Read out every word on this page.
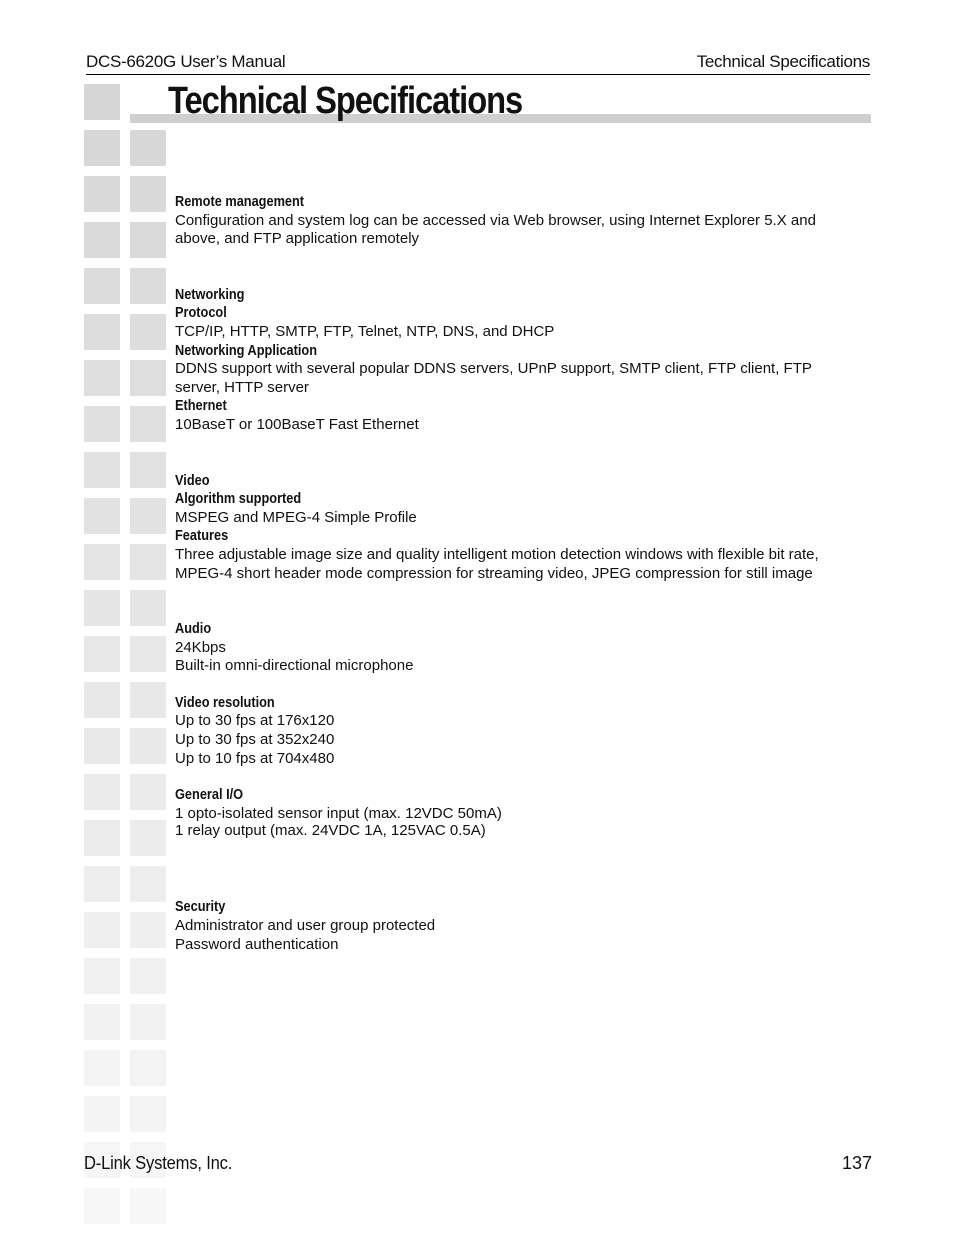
DCS-6620G User’s Manual	Technical Specifications
Technical Specifications
Remote management
Configuration and system log can be accessed via Web browser, using Internet Explorer 5.X and
above, and FTP application remotely
Networking
Protocol
TCP/IP, HTTP, SMTP, FTP, Telnet, NTP, DNS, and DHCP
Networking Application
DDNS support with several popular DDNS servers, UPnP support, SMTP client, FTP client, FTP
server, HTTP server
Ethernet
10BaseT or 100BaseT Fast Ethernet
Video
Algorithm supported
MSPEG and MPEG-4 Simple Profile
Features
Three adjustable image size and quality intelligent motion detection windows with flexible bit rate,
MPEG-4 short header mode compression for streaming video, JPEG compression for still image
Audio
24Kbps
Built-in omni-directional microphone
Video resolution
Up to 30 fps at 176x120
Up to 30 fps at 352x240
Up to 10 fps at 704x480
General I/O
1 opto-isolated sensor input (max. 12VDC 50mA)
1 relay output (max. 24VDC 1A, 125VAC 0.5A)
Security
Administrator and user group protected
Password authentication
D-Link Systems, Inc.	137
